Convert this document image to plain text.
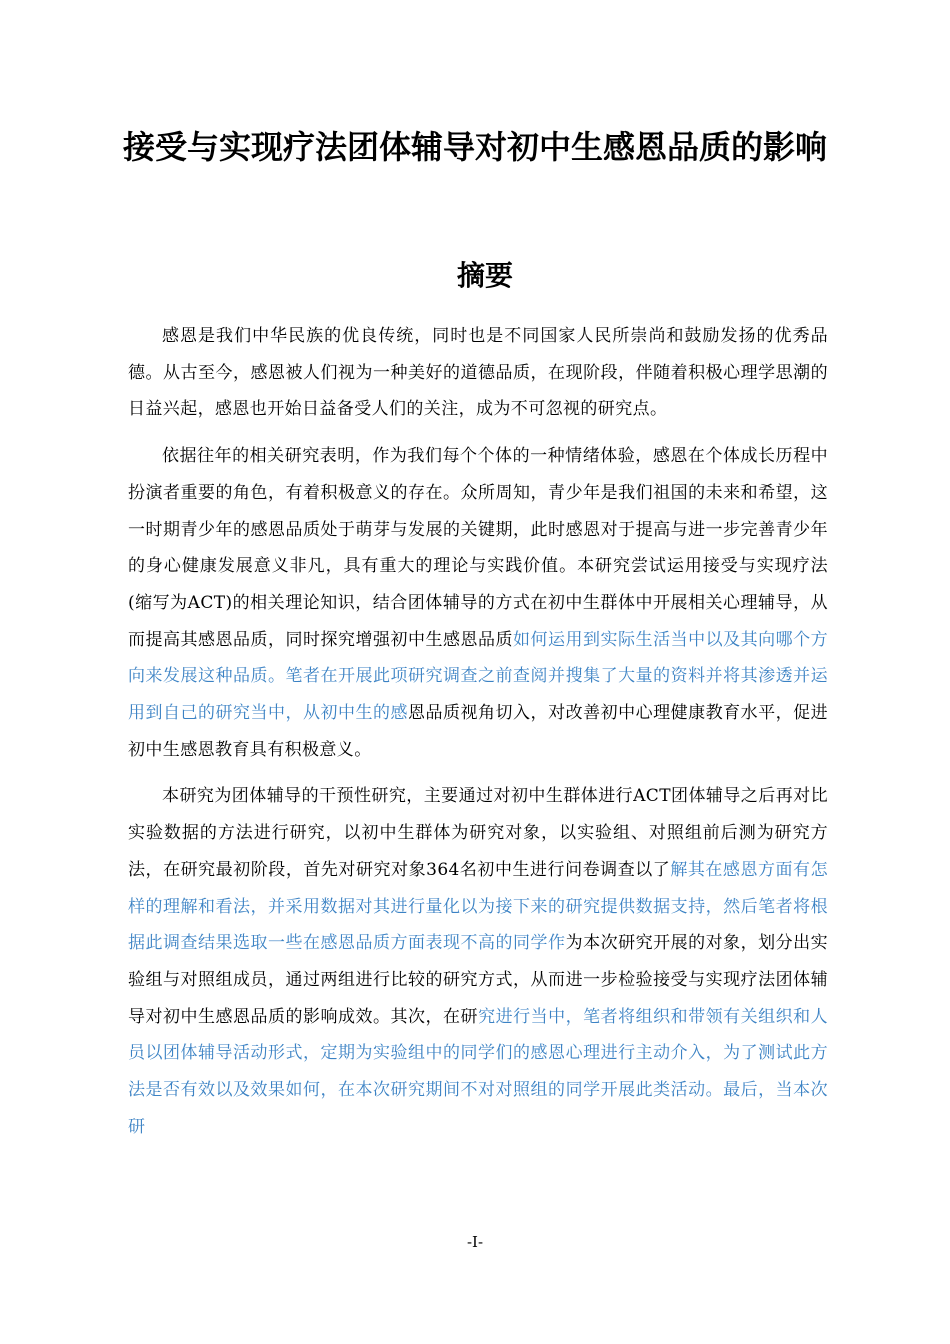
接受与实现疗法团体辅导对初中生感恩品质的影响
摘要

感恩是我们中华民族的优良传统，同时也是不同国家人民所崇尚和鼓励发扬的优秀品德。从古至今，感恩被人们视为一种美好的道德品质，在现阶段，伴随着积极心理学思潮的日益兴起，感恩也开始日益备受人们的关注，成为不可忽视的研究点。

依据往年的相关研究表明，作为我们每个个体的一种情绪体验，感恩在个体成长历程中扮演者重要的角色，有着积极意义的存在。众所周知，青少年是我们祖国的未来和希望，这一时期青少年的感恩品质处于萌芽与发展的关键期，此时感恩对于提高与进一步完善青少年的身心健康发展意义非凡，具有重大的理论与实践价值。本研究尝试运用接受与实现疗法(缩写为ACT)的相关理论知识，结合团体辅导的方式在初中生群体中开展相关心理辅导，从而提高其感恩品质，同时探究增强初中生感恩品质如何运用到实际生活当中以及其向哪个方向来发展这种品质。笔者在开展此项研究调查之前查阅并搜集了大量的资料并将其渗透并运用到自己的研究当中，从初中生的感恩品质视角切入，对改善初中心理健康教育水平，促进初中生感恩教育具有积极意义。

本研究为团体辅导的干预性研究，主要通过对初中生群体进行ACT团体辅导之后再对比实验数据的方法进行研究，以初中生群体为研究对象，以实验组、对照组前后测为研究方法，在研究最初阶段，首先对研究对象364名初中生进行问卷调查以了解其在感恩方面有怎样的理解和看法，并采用数据对其进行量化以为接下来的研究提供数据支持，然后笔者将根据此调查结果选取一些在感恩品质方面表现不高的同学作为本次研究开展的对象，划分出实验组与对照组成员，通过两组进行比较的研究方式，从而进一步检验接受与实现疗法团体辅导对初中生感恩品质的影响成效。其次，在研究进行当中，笔者将组织和带领有关组织和人员以团体辅导活动形式，定期为实验组中的同学们的感恩心理进行主动介入，为了测试此方法是否有效以及效果如何，在本次研究期间不对对照组的同学开展此类活动。最后，当本次研

-I-
